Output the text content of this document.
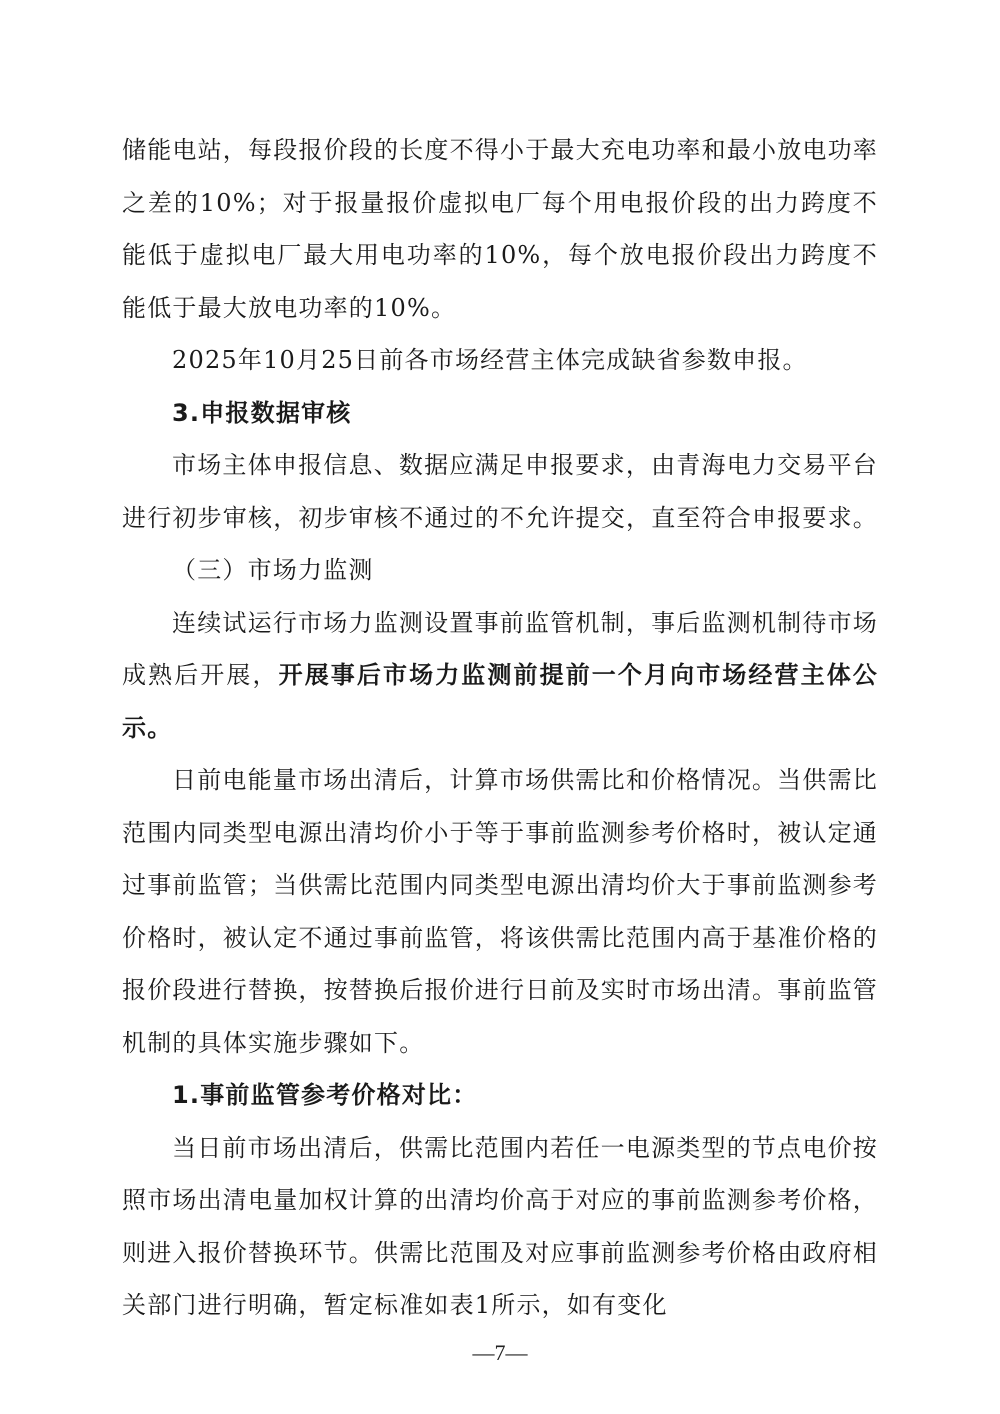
储能电站，每段报价段的长度不得小于最大充电功率和最小放电功率之差的10%；对于报量报价虚拟电厂每个用电报价段的出力跨度不能低于虚拟电厂最大用电功率的10%，每个放电报价段出力跨度不能低于最大放电功率的10%。

2025年10月25日前各市场经营主体完成缺省参数申报。

3.申报数据审核

市场主体申报信息、数据应满足申报要求，由青海电力交易平台进行初步审核，初步审核不通过的不允许提交，直至符合申报要求。

（三）市场力监测

连续试运行市场力监测设置事前监管机制，事后监测机制待市场成熟后开展，开展事后市场力监测前提前一个月向市场经营主体公示。

日前电能量市场出清后，计算市场供需比和价格情况。当供需比范围内同类型电源出清均价小于等于事前监测参考价格时，被认定通过事前监管；当供需比范围内同类型电源出清均价大于事前监测参考价格时，被认定不通过事前监管，将该供需比范围内高于基准价格的报价段进行替换，按替换后报价进行日前及实时市场出清。事前监管机制的具体实施步骤如下。

1.事前监管参考价格对比：

当日前市场出清后，供需比范围内若任一电源类型的节点电价按照市场出清电量加权计算的出清均价高于对应的事前监测参考价格，则进入报价替换环节。供需比范围及对应事前监测参考价格由政府相关部门进行明确，暂定标准如表1所示，如有变化

—7—
